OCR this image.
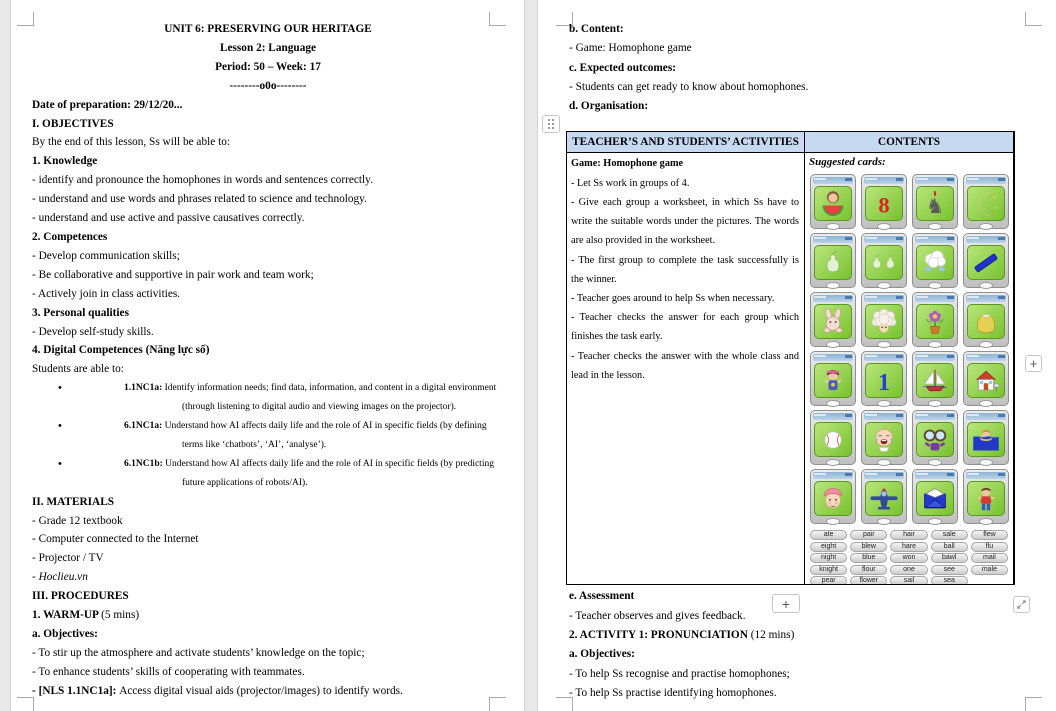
UNIT 6: PRESERVING OUR HERITAGE

Lesson 2: Language

Period: 50 – Week: 17

--------o0o--------

Date of preparation: 29/12/20...

I. OBJECTIVES

By the end of this lesson, Ss will be able to:

1. Knowledge

- identify and pronounce the homophones in words and sentences correctly.

- understand and use words and phrases related to science and technology.

- understand and use active and passive causatives correctly.

2. Competences

- Develop communication skills;

- Be collaborative and supportive in pair work and team work;

- Actively join in class activities.

3. Personal qualities

- Develop self-study skills.

4. Digital Competences (Năng lực số)

Students are able to:

• 1.1NC1a: Identify information needs; find data, information, and content in a digital environment (through listening to digital audio and viewing images on the projector).

• 6.1NC1a: Understand how AI affects daily life and the role of AI in specific fields (by defining terms like ‘chatbots’, ‘AI’, ‘analyse’).

• 6.1NC1b: Understand how AI affects daily life and the role of AI in specific fields (by predicting future applications of robots/AI).

II. MATERIALS

- Grade 12 textbook

- Computer connected to the Internet

- Projector / TV

- Hoclieu.vn

III. PROCEDURES

1. WARM-UP (5 mins)

a. Objectives:

- To stir up the atmosphere and activate students’ knowledge on the topic;

- To enhance students’ skills of cooperating with teammates.

- [NLS 1.1NC1a]: Access digital visual aids (projector/images) to identify words.

b. Content:

- Game: Homophone game

c. Expected outcomes:

- Students can get ready to know about homophones.

d. Organisation:

TEACHER’S AND STUDENTS’ ACTIVITIES	CONTENTS

Game: Homophone game

- Let Ss work in groups of 4.

- Give each group a worksheet, in which Ss have to write the suitable words under the pictures. The words are also provided in the worksheet.

- The first group to complete the task successfully is the winner.

- Teacher goes around to help Ss when necessary.

- Teacher checks the answer for each group which finishes the task early.

- Teacher checks the answer with the whole class and lead in the lesson.

Suggested cards:

8 ♞	★
★
1
ate
eight
night
knight
pear
pair
blew
blue
flour
flower
hair
hare
won
one
sail
sale
ball
bawl
see
sea
flew
flu
mail
male

e. Assessment

- Teacher observes and gives feedback.

2. ACTIVITY 1: PRONUNCIATION (12 mins)

a. Objectives:

- To help Ss recognise and practise homophones;

- To help Ss practise identifying homophones.

+
+
